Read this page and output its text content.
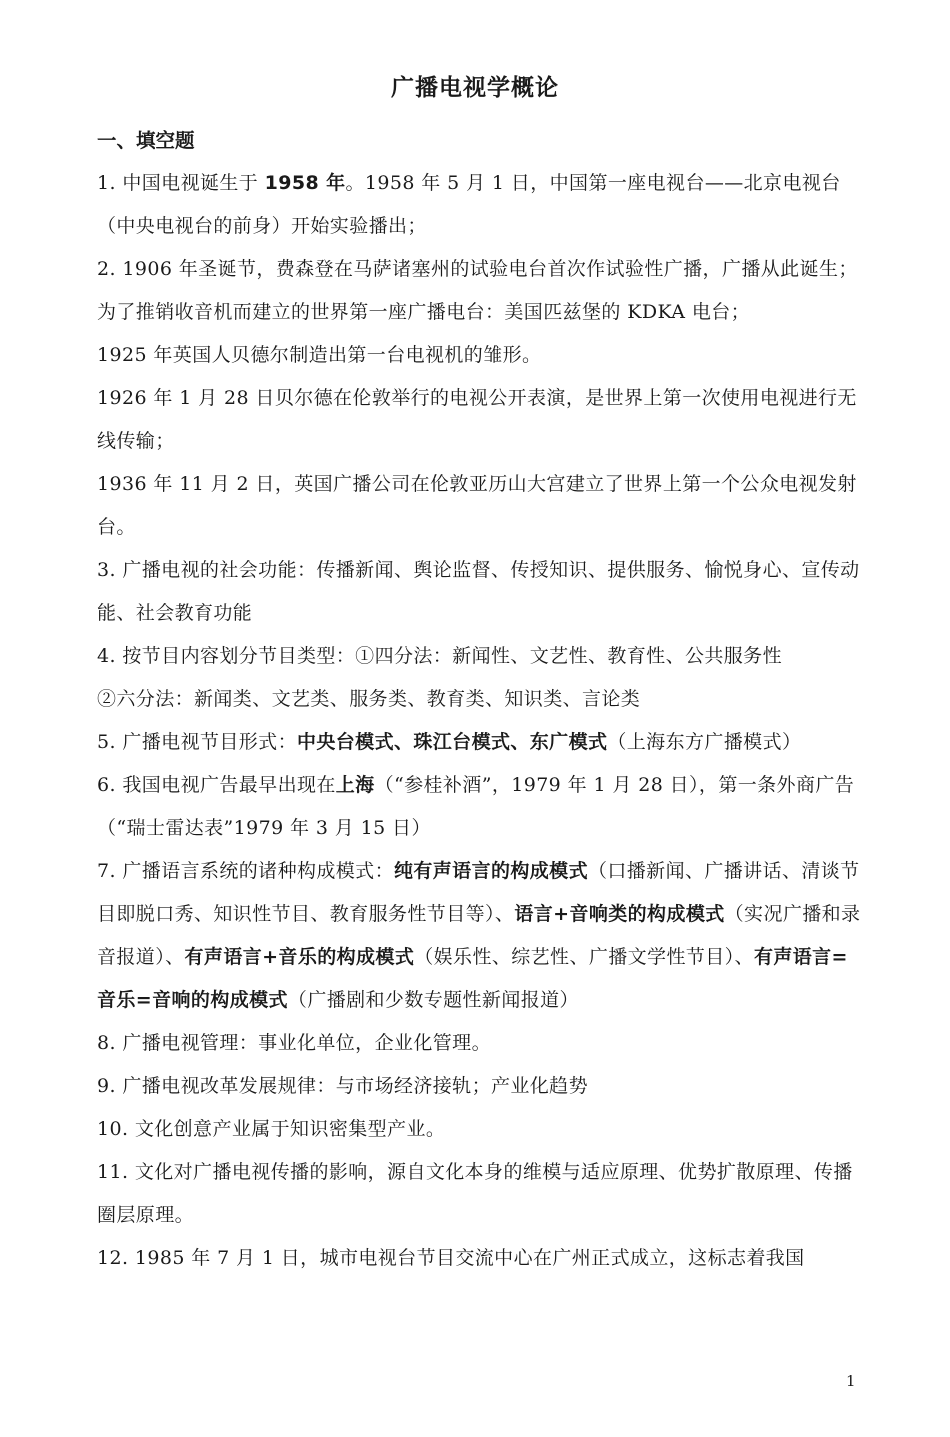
广播电视学概论
一、填空题

1. 中国电视诞生于 1958 年。1958 年 5 月 1 日，中国第一座电视台——北京电视台（中央电视台的前身）开始实验播出；

2. 1906 年圣诞节，费森登在马萨诸塞州的试验电台首次作试验性广播，广播从此诞生；为了推销收音机而建立的世界第一座广播电台：美国匹兹堡的 KDKA 电台；

1925 年英国人贝德尔制造出第一台电视机的雏形。

1926 年 1 月 28 日贝尔德在伦敦举行的电视公开表演，是世界上第一次使用电视进行无线传输；

1936 年 11 月 2 日，英国广播公司在伦敦亚历山大宫建立了世界上第一个公众电视发射台。

3. 广播电视的社会功能：传播新闻、舆论监督、传授知识、提供服务、愉悦身心、宣传动能、社会教育功能

4. 按节目内容划分节目类型：①四分法：新闻性、文艺性、教育性、公共服务性

②六分法：新闻类、文艺类、服务类、教育类、知识类、言论类

5. 广播电视节目形式：中央台模式、珠江台模式、东广模式（上海东方广播模式）

6. 我国电视广告最早出现在上海（“参桂补酒”，1979 年 1 月 28 日），第一条外商广告（“瑞士雷达表”1979 年 3 月 15 日）

7. 广播语言系统的诸种构成模式：纯有声语言的构成模式（口播新闻、广播讲话、清谈节目即脱口秀、知识性节目、教育服务性节目等）、语言+音响类的构成模式（实况广播和录音报道）、有声语言+音乐的构成模式（娱乐性、综艺性、广播文学性节目）、有声语言=音乐=音响的构成模式（广播剧和少数专题性新闻报道）

8. 广播电视管理：事业化单位，企业化管理。

9. 广播电视改革发展规律：与市场经济接轨；产业化趋势

10. 文化创意产业属于知识密集型产业。

11. 文化对广播电视传播的影响，源自文化本身的维模与适应原理、优势扩散原理、传播圈层原理。

12. 1985 年 7 月 1 日，城市电视台节目交流中心在广州正式成立，这标志着我国

1
